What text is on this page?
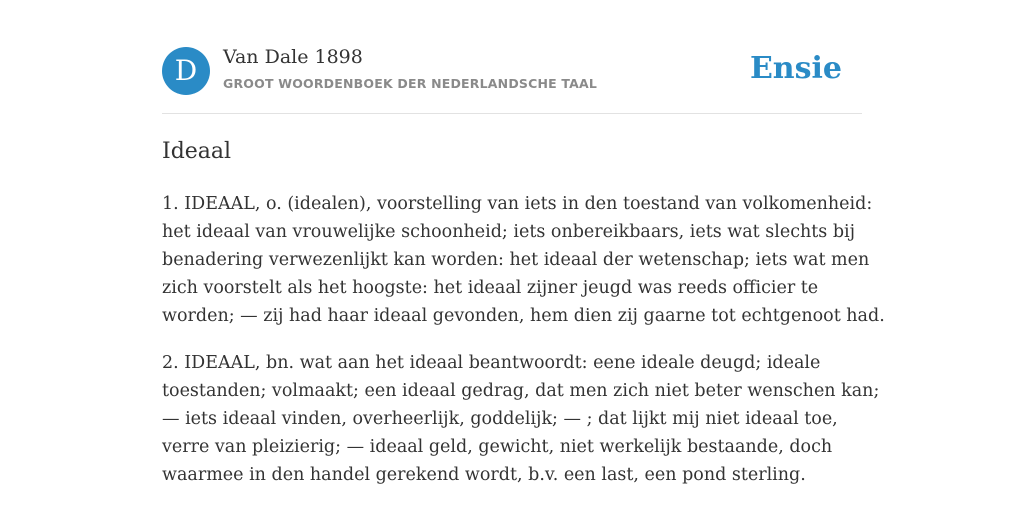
D	Van Dale 1898
GROOT WOORDENBOEK DER NEDERLANDSCHE TAAL	Ensie
Ideaal

1. IDEAAL, o. (idealen), voorstelling van iets in den toestand van volkomenheid:
het ideaal van vrouwelijke schoonheid; iets onbereikbaars, iets wat slechts bij
benadering verwezenlijkt kan worden: het ideaal der wetenschap; iets wat men
zich voorstelt als het hoogste: het ideaal zijner jeugd was reeds officier te
worden; — zij had haar ideaal gevonden, hem dien zij gaarne tot echtgenoot had.

2. IDEAAL, bn. wat aan het ideaal beantwoordt: eene ideale deugd; ideale
toestanden; volmaakt; een ideaal gedrag, dat men zich niet beter wenschen kan;
— iets ideaal vinden, overheerlijk, goddelijk; — ; dat lijkt mij niet ideaal toe,
verre van pleizierig; — ideaal geld, gewicht, niet werkelijk bestaande, doch
waarmee in den handel gerekend wordt, b.v. een last, een pond sterling.
